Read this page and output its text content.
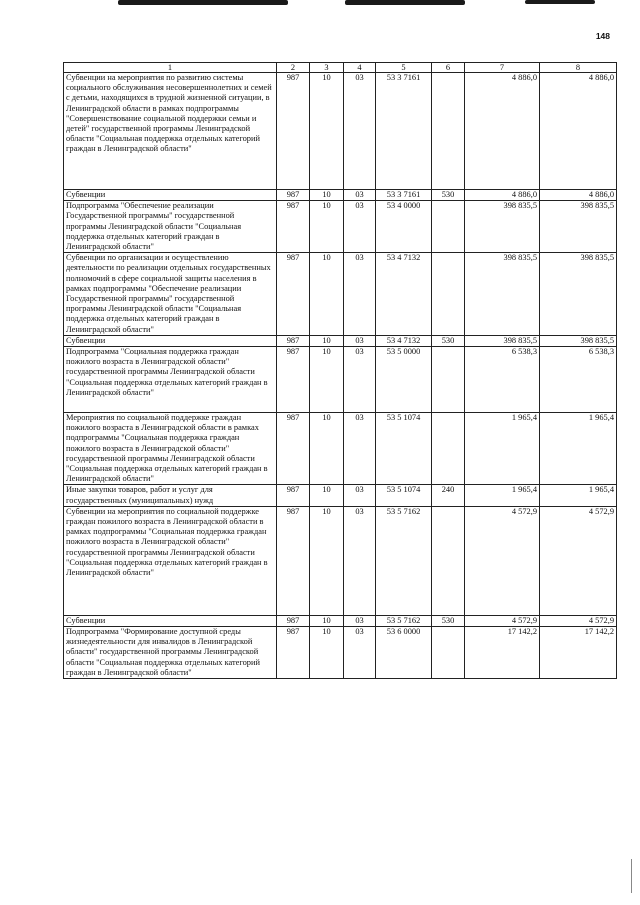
148
1	2	3	4	5	6	7	8
Субвенции на мероприятия по развитию системы социального обслуживания несовершеннолетних и семей с детьми, находящихся в трудной жизненной ситуации, в Ленинградской области в рамках подпрограммы "Совершенствование социальной поддержки семьи и детей" государственной программы Ленинградской области "Социальная поддержка отдельных категорий граждан в Ленинградской области"	987	10	03	53 3 7161		4 886,0	4 886,0
Субвенции	987	10	03	53 3 7161	530	4 886,0	4 886,0
Подпрограмма "Обеспечение реализации Государственной программы" государственной программы Ленинградской области "Социальная поддержка отдельных категорий граждан в Ленинградской области"	987	10	03	53 4 0000		398 835,5	398 835,5
Субвенции по организации и осуществлению деятельности по реализации отдельных государственных полномочий в сфере социальной защиты населения в рамках подпрограммы "Обеспечение реализации Государственной программы" государственной программы Ленинградской области "Социальная поддержка отдельных категорий граждан в Ленинградской области"	987	10	03	53 4 7132		398 835,5	398 835,5
Субвенции	987	10	03	53 4 7132	530	398 835,5	398 835,5
Подпрограмма "Социальная поддержка граждан пожилого возраста в Ленинградской области" государственной программы Ленинградской области "Социальная поддержка отдельных категорий граждан в Ленинградской области"	987	10	03	53 5 0000		6 538,3	6 538,3
Мероприятия по социальной поддержке граждан пожилого возраста в Ленинградской области в рамках подпрограммы "Социальная поддержка граждан пожилого возраста в Ленинградской области" государственной программы Ленинградской области "Социальная поддержка отдельных категорий граждан в Ленинградской области"	987	10	03	53 5 1074		1 965,4	1 965,4
Иные закупки товаров, работ и услуг для государственных (муниципальных) нужд	987	10	03	53 5 1074	240	1 965,4	1 965,4
Субвенции на мероприятия по социальной поддержке граждан пожилого возраста в Ленинградской области в рамках подпрограммы "Социальная поддержка граждан пожилого возраста в Ленинградской области" государственной программы Ленинградской области "Социальная поддержка отдельных категорий граждан в Ленинградской области"	987	10	03	53 5 7162		4 572,9	4 572,9
Субвенции	987	10	03	53 5 7162	530	4 572,9	4 572,9
Подпрограмма "Формирование доступной среды жизнедеятельности для инвалидов в Ленинградской области" государственной программы Ленинградской области "Социальная поддержка отдельных категорий граждан в Ленинградской области"	987	10	03	53 6 0000		17 142,2	17 142,2
